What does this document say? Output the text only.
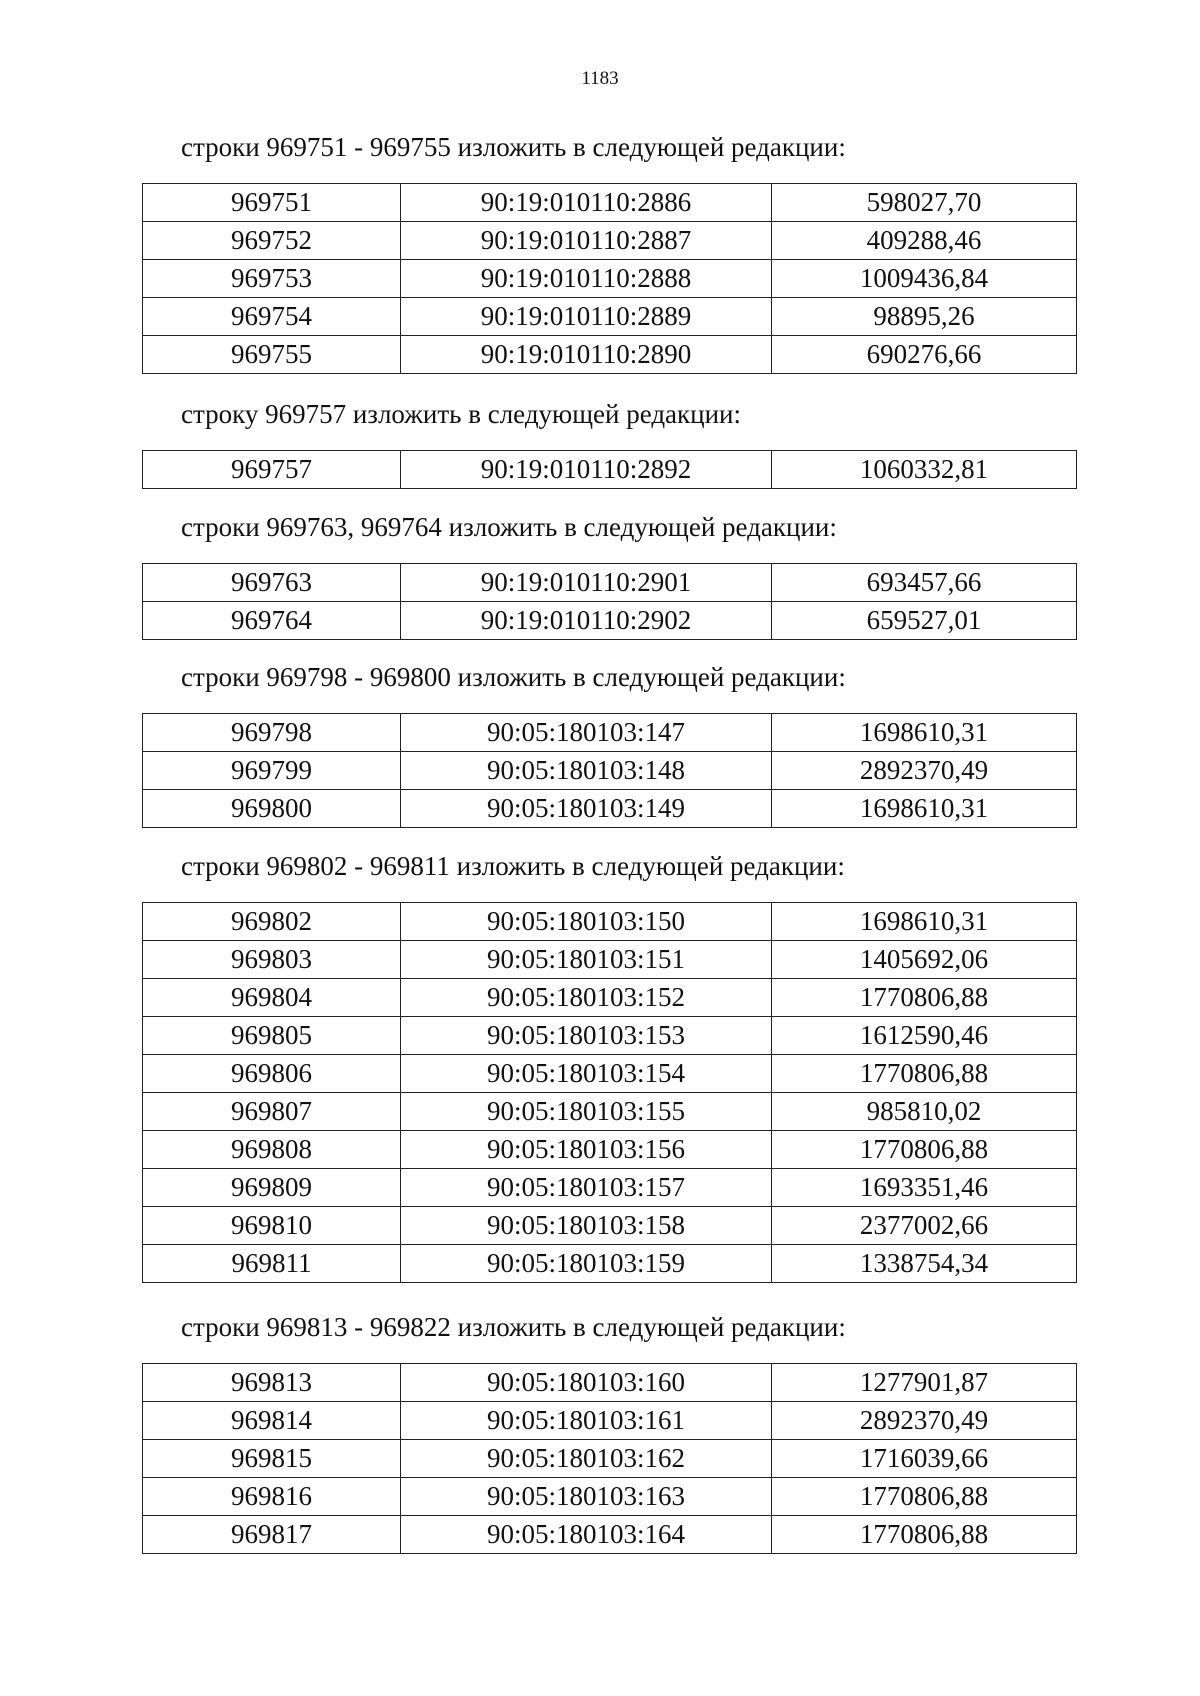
1183
строки 969751 - 969755 изложить в следующей редакции:
969751	90:19:010110:2886	598027,70
969752	90:19:010110:2887	409288,46
969753	90:19:010110:2888	1009436,84
969754	90:19:010110:2889	98895,26
969755	90:19:010110:2890	690276,66
строку 969757 изложить в следующей редакции:
969757	90:19:010110:2892	1060332,81
строки 969763, 969764 изложить в следующей редакции:
969763	90:19:010110:2901	693457,66
969764	90:19:010110:2902	659527,01
строки 969798 - 969800 изложить в следующей редакции:
969798	90:05:180103:147	1698610,31
969799	90:05:180103:148	2892370,49
969800	90:05:180103:149	1698610,31
строки 969802 - 969811 изложить в следующей редакции:
969802	90:05:180103:150	1698610,31
969803	90:05:180103:151	1405692,06
969804	90:05:180103:152	1770806,88
969805	90:05:180103:153	1612590,46
969806	90:05:180103:154	1770806,88
969807	90:05:180103:155	985810,02
969808	90:05:180103:156	1770806,88
969809	90:05:180103:157	1693351,46
969810	90:05:180103:158	2377002,66
969811	90:05:180103:159	1338754,34
строки 969813 - 969822 изложить в следующей редакции:
969813	90:05:180103:160	1277901,87
969814	90:05:180103:161	2892370,49
969815	90:05:180103:162	1716039,66
969816	90:05:180103:163	1770806,88
969817	90:05:180103:164	1770806,88
